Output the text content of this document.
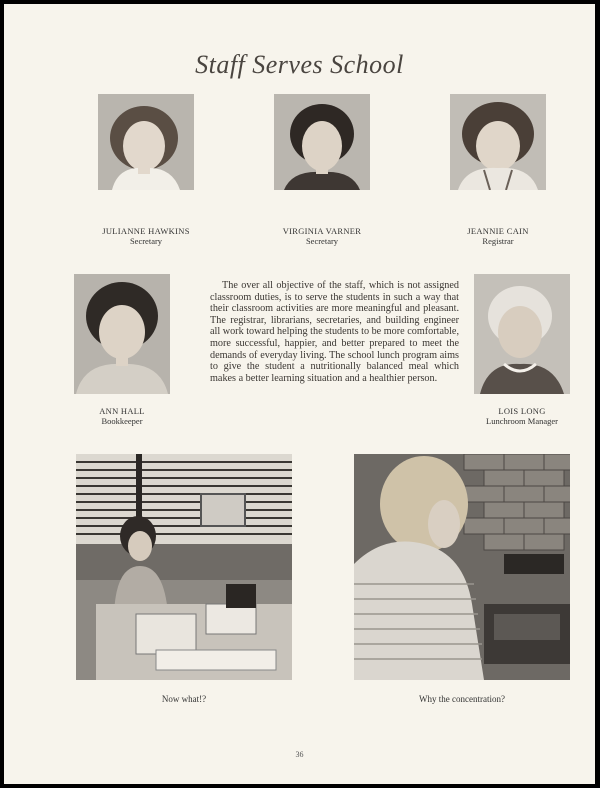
Staff Serves School
JULIANNE HAWKINS
Secretary
VIRGINIA VARNER
Secretary
JEANNIE CAIN
Registrar
ANN HALL
Bookkeeper
The over all objective of the staff, which is not assigned classroom duties, is to serve the students in such a way that their classroom activities are more meaningful and pleasant. The registrar, librarians, secretaries, and building engineer all work toward helping the students to be more comfortable, more successful, happier, and better prepared to meet the demands of everyday living. The school lunch program aims to give the student a nutritionally balanced meal which makes a better learning situation and a healthier person.
LOIS LONG
Lunchroom Manager
Now what!?	Why the concentration?
36
